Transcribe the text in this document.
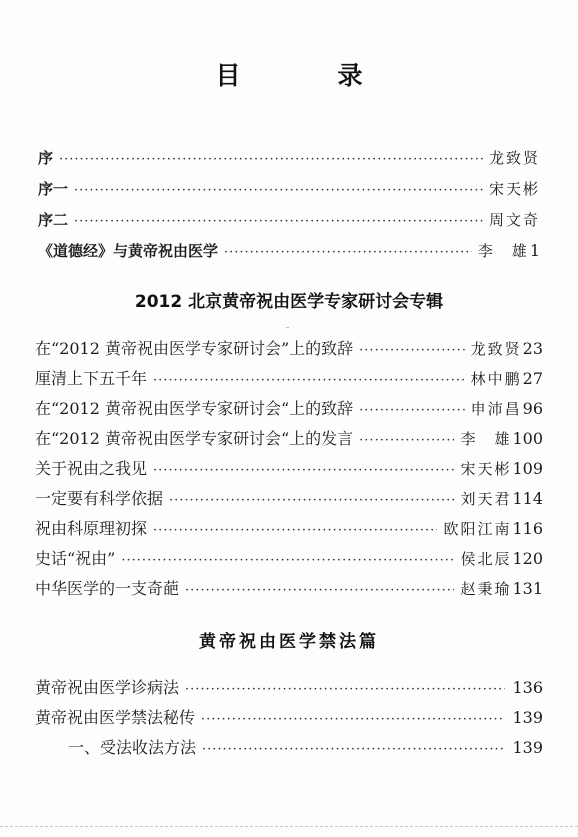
目　录
序 ·····	龙致贤
序一 ·····	宋天彬
序二 ·····	周文奇
《道德经》与黄帝祝由医学 ·····	李　雄 1
2012 北京黄帝祝由医学专家研讨会专辑
在“2012 黄帝祝由医学专家研讨会”上的致辞 ·····	龙致贤 23
厘清上下五千年 ·····	林中鹏 27
在“2012 黄帝祝由医学专家研讨会“上的致辞 ·····	申沛昌 96
在“2012 黄帝祝由医学专家研讨会“上的发言 ·····	李　雄 100
关于祝由之我见 ·····	宋天彬 109
一定要有科学依据 ·····	刘天君 114
祝由科原理初探 ·····	欧阳江南 116
史话“祝由” ·····	侯北辰 120
中华医学的一支奇葩 ·····	赵秉瑜 131
黄帝祝由医学禁法篇
黄帝祝由医学诊病法 ·····	136
黄帝祝由医学禁法秘传 ·····	139
一、受法收法方法 ·····	139
